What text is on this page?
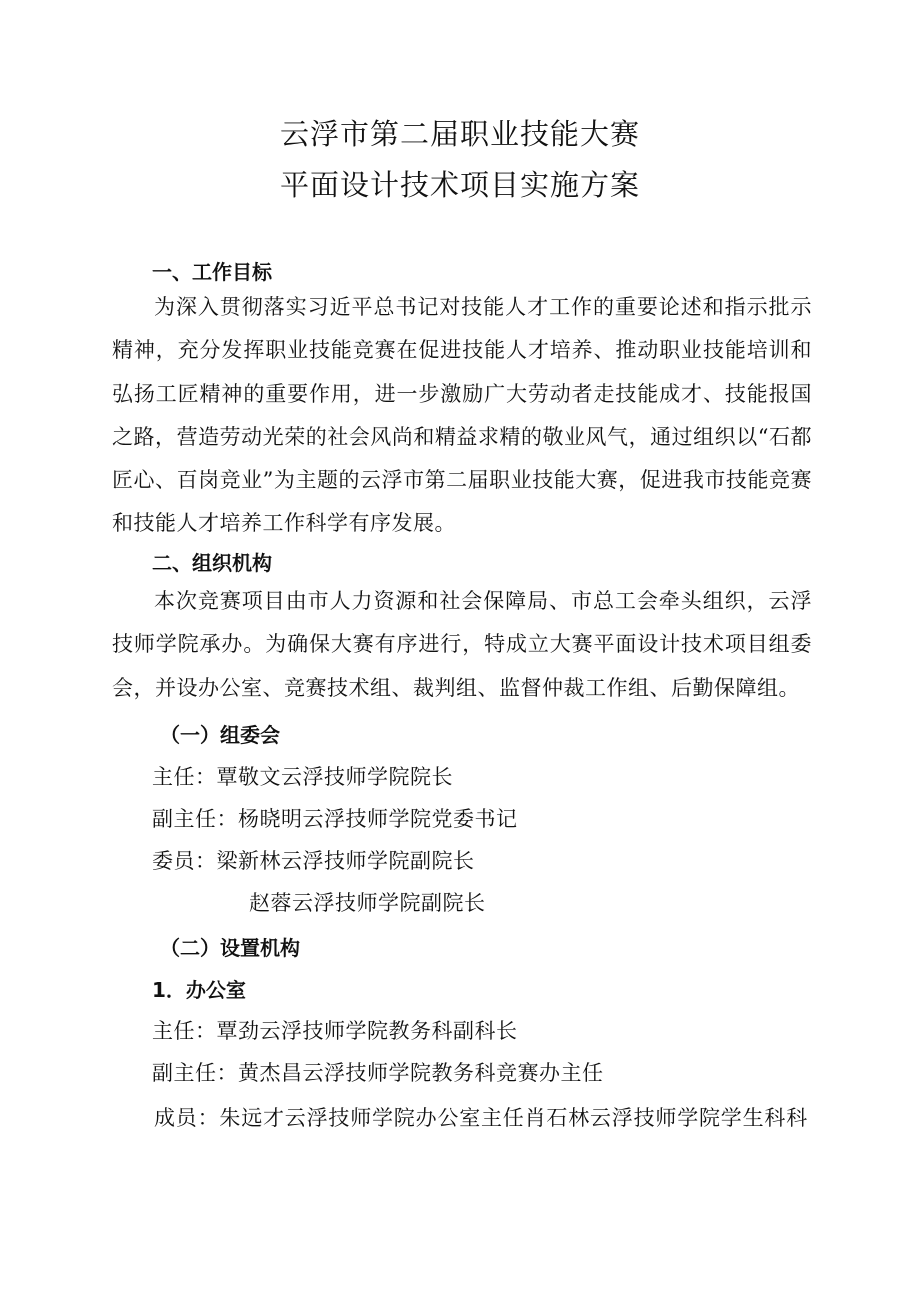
云浮市第二届职业技能大赛
平面设计技术项目实施方案
一、工作目标
为深入贯彻落实习近平总书记对技能人才工作的重要论述和指示批示精神，充分发挥职业技能竞赛在促进技能人才培养、推动职业技能培训和弘扬工匠精神的重要作用，进一步激励广大劳动者走技能成才、技能报国之路，营造劳动光荣的社会风尚和精益求精的敬业风气，通过组织以“石都匠心、百岗竞业”为主题的云浮市第二届职业技能大赛，促进我市技能竞赛和技能人才培养工作科学有序发展。
二、组织机构
本次竞赛项目由市人力资源和社会保障局、市总工会牵头组织，云浮技师学院承办。为确保大赛有序进行，特成立大赛平面设计技术项目组委会，并设办公室、竞赛技术组、裁判组、监督仲裁工作组、后勤保障组。
（一）组委会
主任：覃敬文云浮技师学院院长
副主任：杨晓明云浮技师学院党委书记
委员：梁新林云浮技师学院副院长
赵蓉云浮技师学院副院长
（二）设置机构
1．办公室
主任：覃劲云浮技师学院教务科副科长
副主任：黄杰昌云浮技师学院教务科竞赛办主任
成员：朱远才云浮技师学院办公室主任肖石林云浮技师学院学生科科
